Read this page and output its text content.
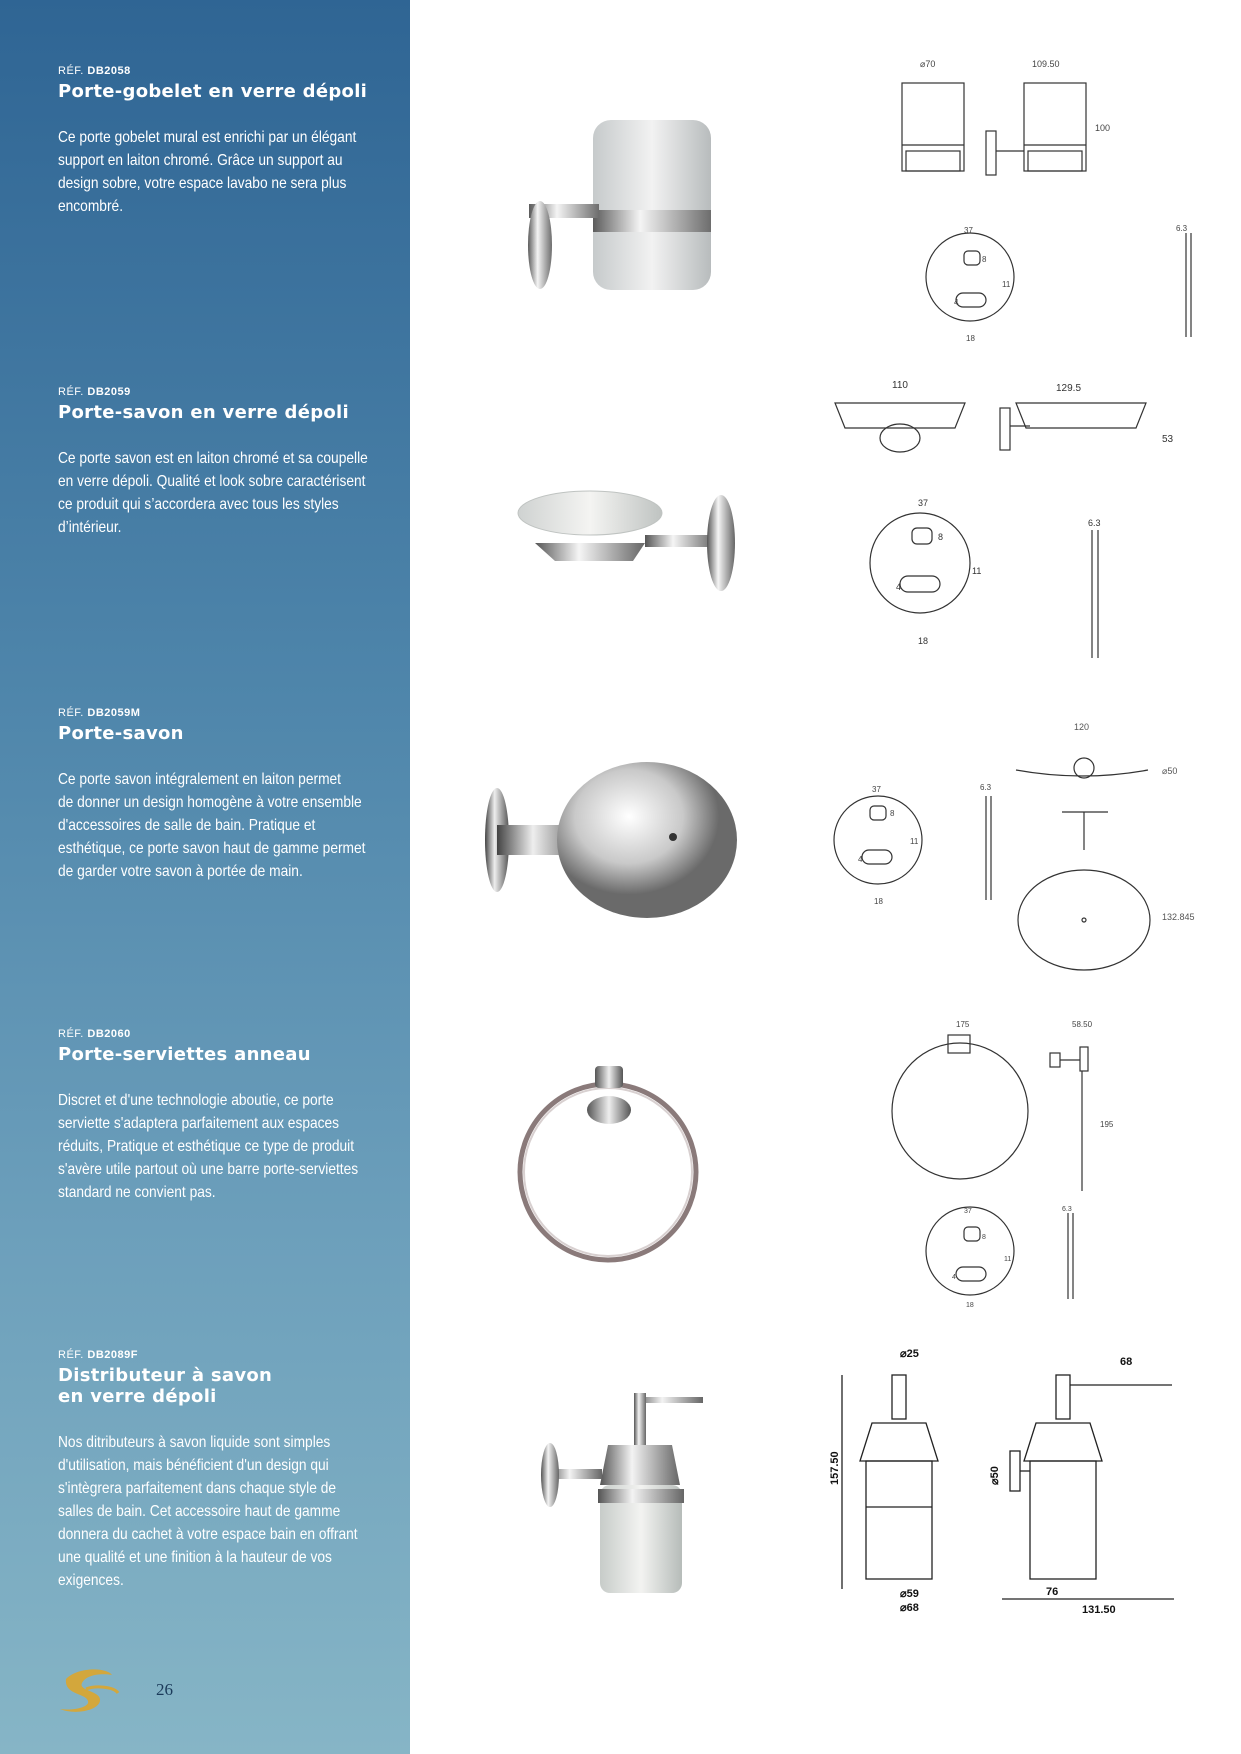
RÉF. DB2058

Porte-gobelet en verre dépoli

Ce porte gobelet mural est enrichi par un élégant
support en laiton chromé. Grâce un support au
design sobre, votre espace lavabo ne sera plus
encombré.

RÉF. DB2059

Porte-savon en verre dépoli

Ce porte savon est en laiton chromé et sa coupelle
en verre dépoli. Qualité et look sobre caractérisent
ce produit qui s’accordera avec tous les styles
d’intérieur.

RÉF. DB2059M

Porte-savon

Ce porte savon intégralement en laiton permet
de donner un design homogène à votre ensemble
d'accessoires de salle de bain. Pratique et
esthétique, ce porte savon haut de gamme permet
de garder votre savon à portée de main.

RÉF. DB2060

Porte-serviettes anneau

Discret et d'une technologie aboutie, ce porte
serviette s'adaptera parfaitement aux espaces
réduits, Pratique et esthétique ce type de produit
s'avère utile partout où une barre porte-serviettes
standard ne convient pas.

RÉF. DB2089F

Distributeur à savon
en verre dépoli

Nos ditributeurs à savon liquide sont simples
d'utilisation, mais bénéficient d'un design qui
s'intègrera parfaitement dans chaque style de
salles de bain. Cet accessoire haut de gamme
donnera du cachet à votre espace bain en offrant
une qualité et une finition à la hauteur de vos
exigences.

26
⌀70	109.50
100
37
8
11
4
18
6.3
110	129.5
53
37
8
11
4
18
6.3
37
8
11
4
18
6.3
120
⌀50
132.845
175	58.50
195
37
8
11
4
18
6.3
⌀25
157.50
⌀59
⌀68
68
⌀50
76
131.50
